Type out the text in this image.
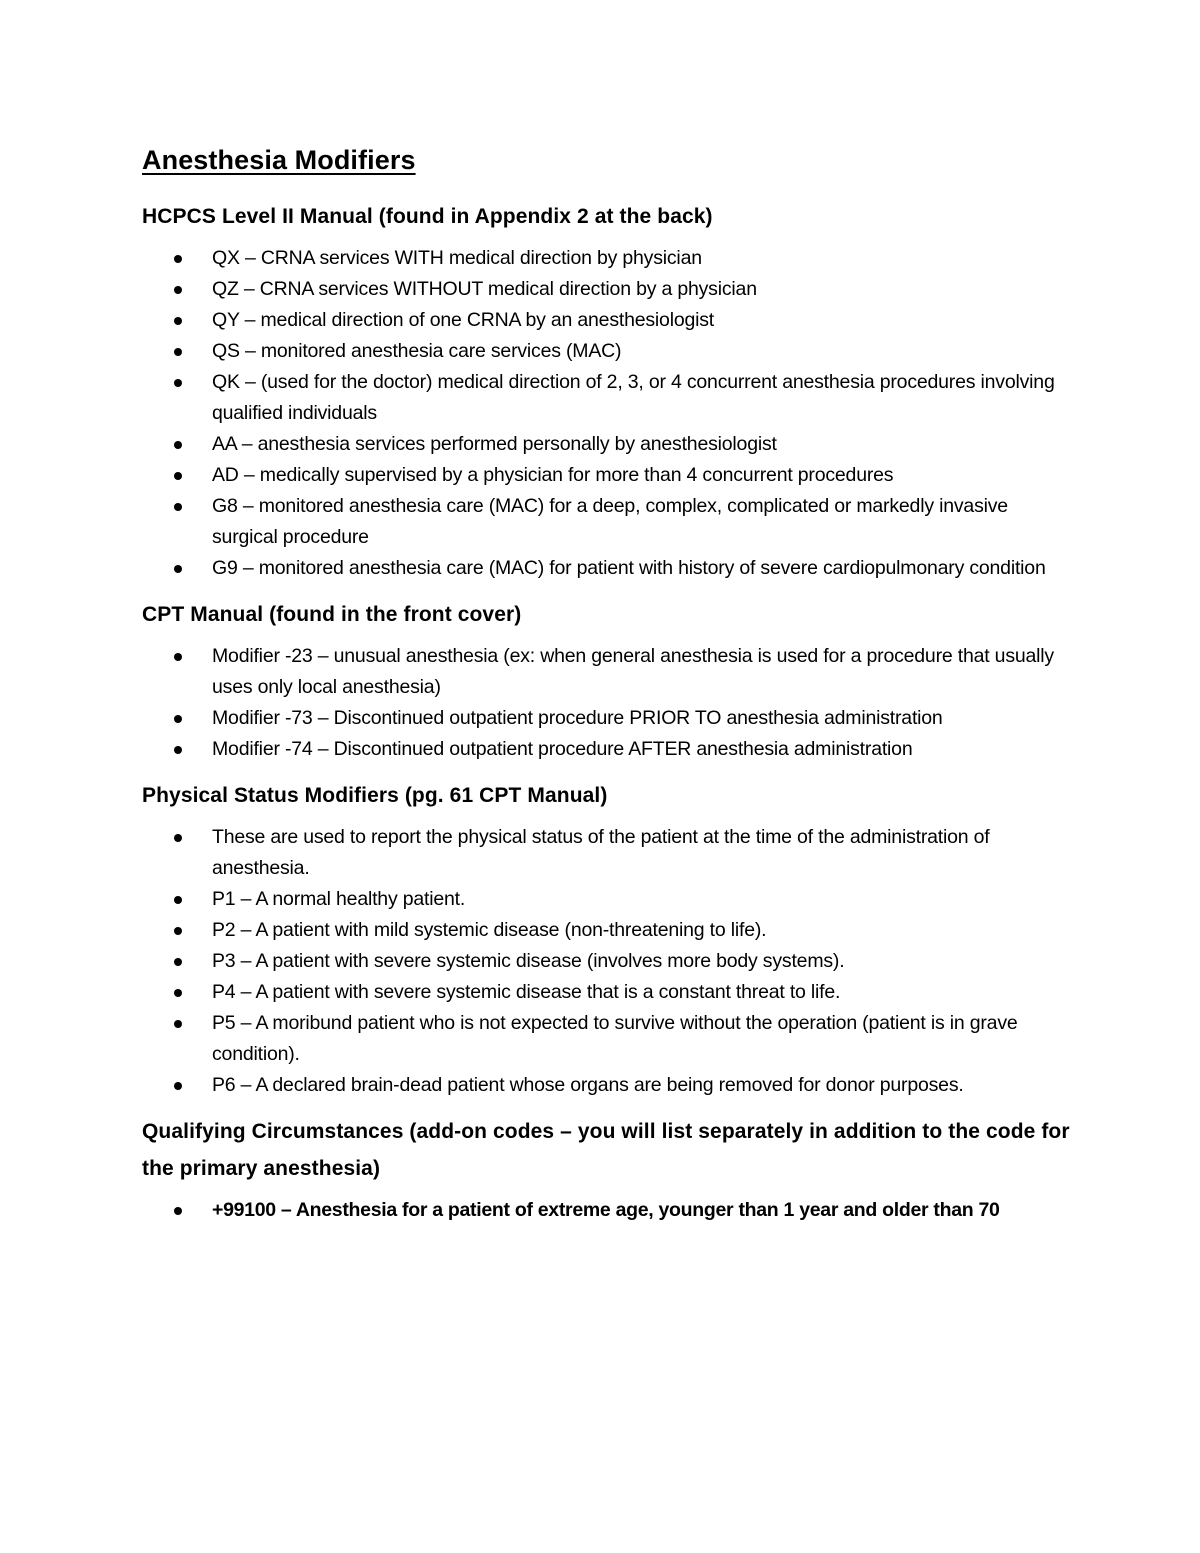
Anesthesia Modifiers
HCPCS Level II Manual (found in Appendix 2 at the back)
QX – CRNA services WITH medical direction by physician
QZ – CRNA services WITHOUT medical direction by a physician
QY – medical direction of one CRNA by an anesthesiologist
QS – monitored anesthesia care services (MAC)
QK – (used for the doctor) medical direction of 2, 3, or 4 concurrent anesthesia procedures involving qualified individuals
AA – anesthesia services performed personally by anesthesiologist
AD – medically supervised by a physician for more than 4 concurrent procedures
G8 – monitored anesthesia care (MAC) for a deep, complex, complicated or markedly invasive surgical procedure
G9 – monitored anesthesia care (MAC) for patient with history of severe cardiopulmonary condition
CPT Manual (found in the front cover)
Modifier -23 – unusual anesthesia (ex: when general anesthesia is used for a procedure that usually uses only local anesthesia)
Modifier -73 – Discontinued outpatient procedure PRIOR TO anesthesia administration
Modifier -74 – Discontinued outpatient procedure AFTER anesthesia administration
Physical Status Modifiers (pg. 61 CPT Manual)
These are used to report the physical status of the patient at the time of the administration of anesthesia.
P1 – A normal healthy patient.
P2 – A patient with mild systemic disease (non-threatening to life).
P3 – A patient with severe systemic disease (involves more body systems).
P4 – A patient with severe systemic disease that is a constant threat to life.
P5 – A moribund patient who is not expected to survive without the operation (patient is in grave condition).
P6 – A declared brain-dead patient whose organs are being removed for donor purposes.
Qualifying Circumstances (add-on codes – you will list separately in addition to the code for the primary anesthesia)
+99100 – Anesthesia for a patient of extreme age, younger than 1 year and older than 70
